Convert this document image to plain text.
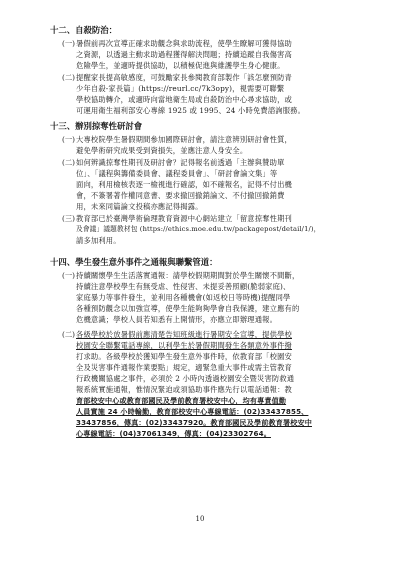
十二、自殺防治：
(一) 暑假前再次宣導正確求助觀念與求助流程，使學生瞭解可獲得協助
之資源，以透過主動求助過程獲得解決問題；持續追蹤自我傷害高
危險學生，並適時提供協助，以積極促進與維護學生身心健康。
(二) 提醒家長提高敏感度，可鼓勵家長參閱教育部製作「該怎麼預防青
少年自殺-家長篇」(https://reurl.cc/7k3opy)，視需要可聯繫
學校協助轉介，或適時向當地衛生局或自殺防治中心尋求協助，或
可運用衛生福利部安心專線 1925 或 1995、24 小時免費諮詢服務。
十三、辦別掠奪性研討會
(一) 大專校院學生暑假期間參加國際研討會，請注意辨別研討會性質，
避免學術研究成果受到資損失，並應注意人身安全。
(二) 如何辨識掠奪性期刊及研討會？記得報名前透過「主辦與贊助單
位」、「議程與籌備委員會、議程委員會」、「研討會論文集」等
面向，利用檢核表逐一檢視進行確認，如不確報名，記得不付出機
會，不簽署著作權同意書、要求撤回撤銷論文、不付撤回撤銷費
用，未來同篇論文投稿亦應記得揭露。
(三) 教育部已於臺灣學術倫理教育資源中心網站建立「留意掠奪性期刊
及會議」議題教材包 (https://ethics.moe.edu.tw/packagepost/detail/1/)，
請多加利用。
十四、學生發生意外事件之通報與聯繫管道：
(一) 持續關懷學生生活落實通報：請學校假期期間對於學生關懷不間斷，
持續注意學校學生有無受虐、性侵害、未提妥善照顧(脆弱家庭)、
家庭暴力等事件發生，並利用各種機會(如返校日等時機)提醒同學
各種預防觀念以加強宣導，使學生能夠夠學會自我保護，建立應有的
危機意識；學校人員若知悉有上開情形，亦應立即辦理通報。
(二) 各級學校於放暑假前應清楚告知班級進行暑期安全宣導，提供學校
校園安全聯繫電話專線，以利學生於暑假期間發生各類意外事件撥
打求助。各級學校於獲知學生發生意外事件時，依教育部「校園安
全及災害事件通報作業要點」規定，適緊急重大事件或需主管教育
行政機關協處之事件，必須於 2 小時內透過校園安全暨災害防救通
報系統實施通報，惟情況緊迫或須協助事件應先行以電話通報：教
育部校安中心或教育部國民及學前教育署校安中心，均有專責值勤
人員實施 24 小時輪勤，教育部校安中心專線電話：(02)33437855、
33437856，傳真：(02)33437920。教育部國民及學前教育署校安中
心專線電話：(04)37061349，傳真：(04)23302764。
10
